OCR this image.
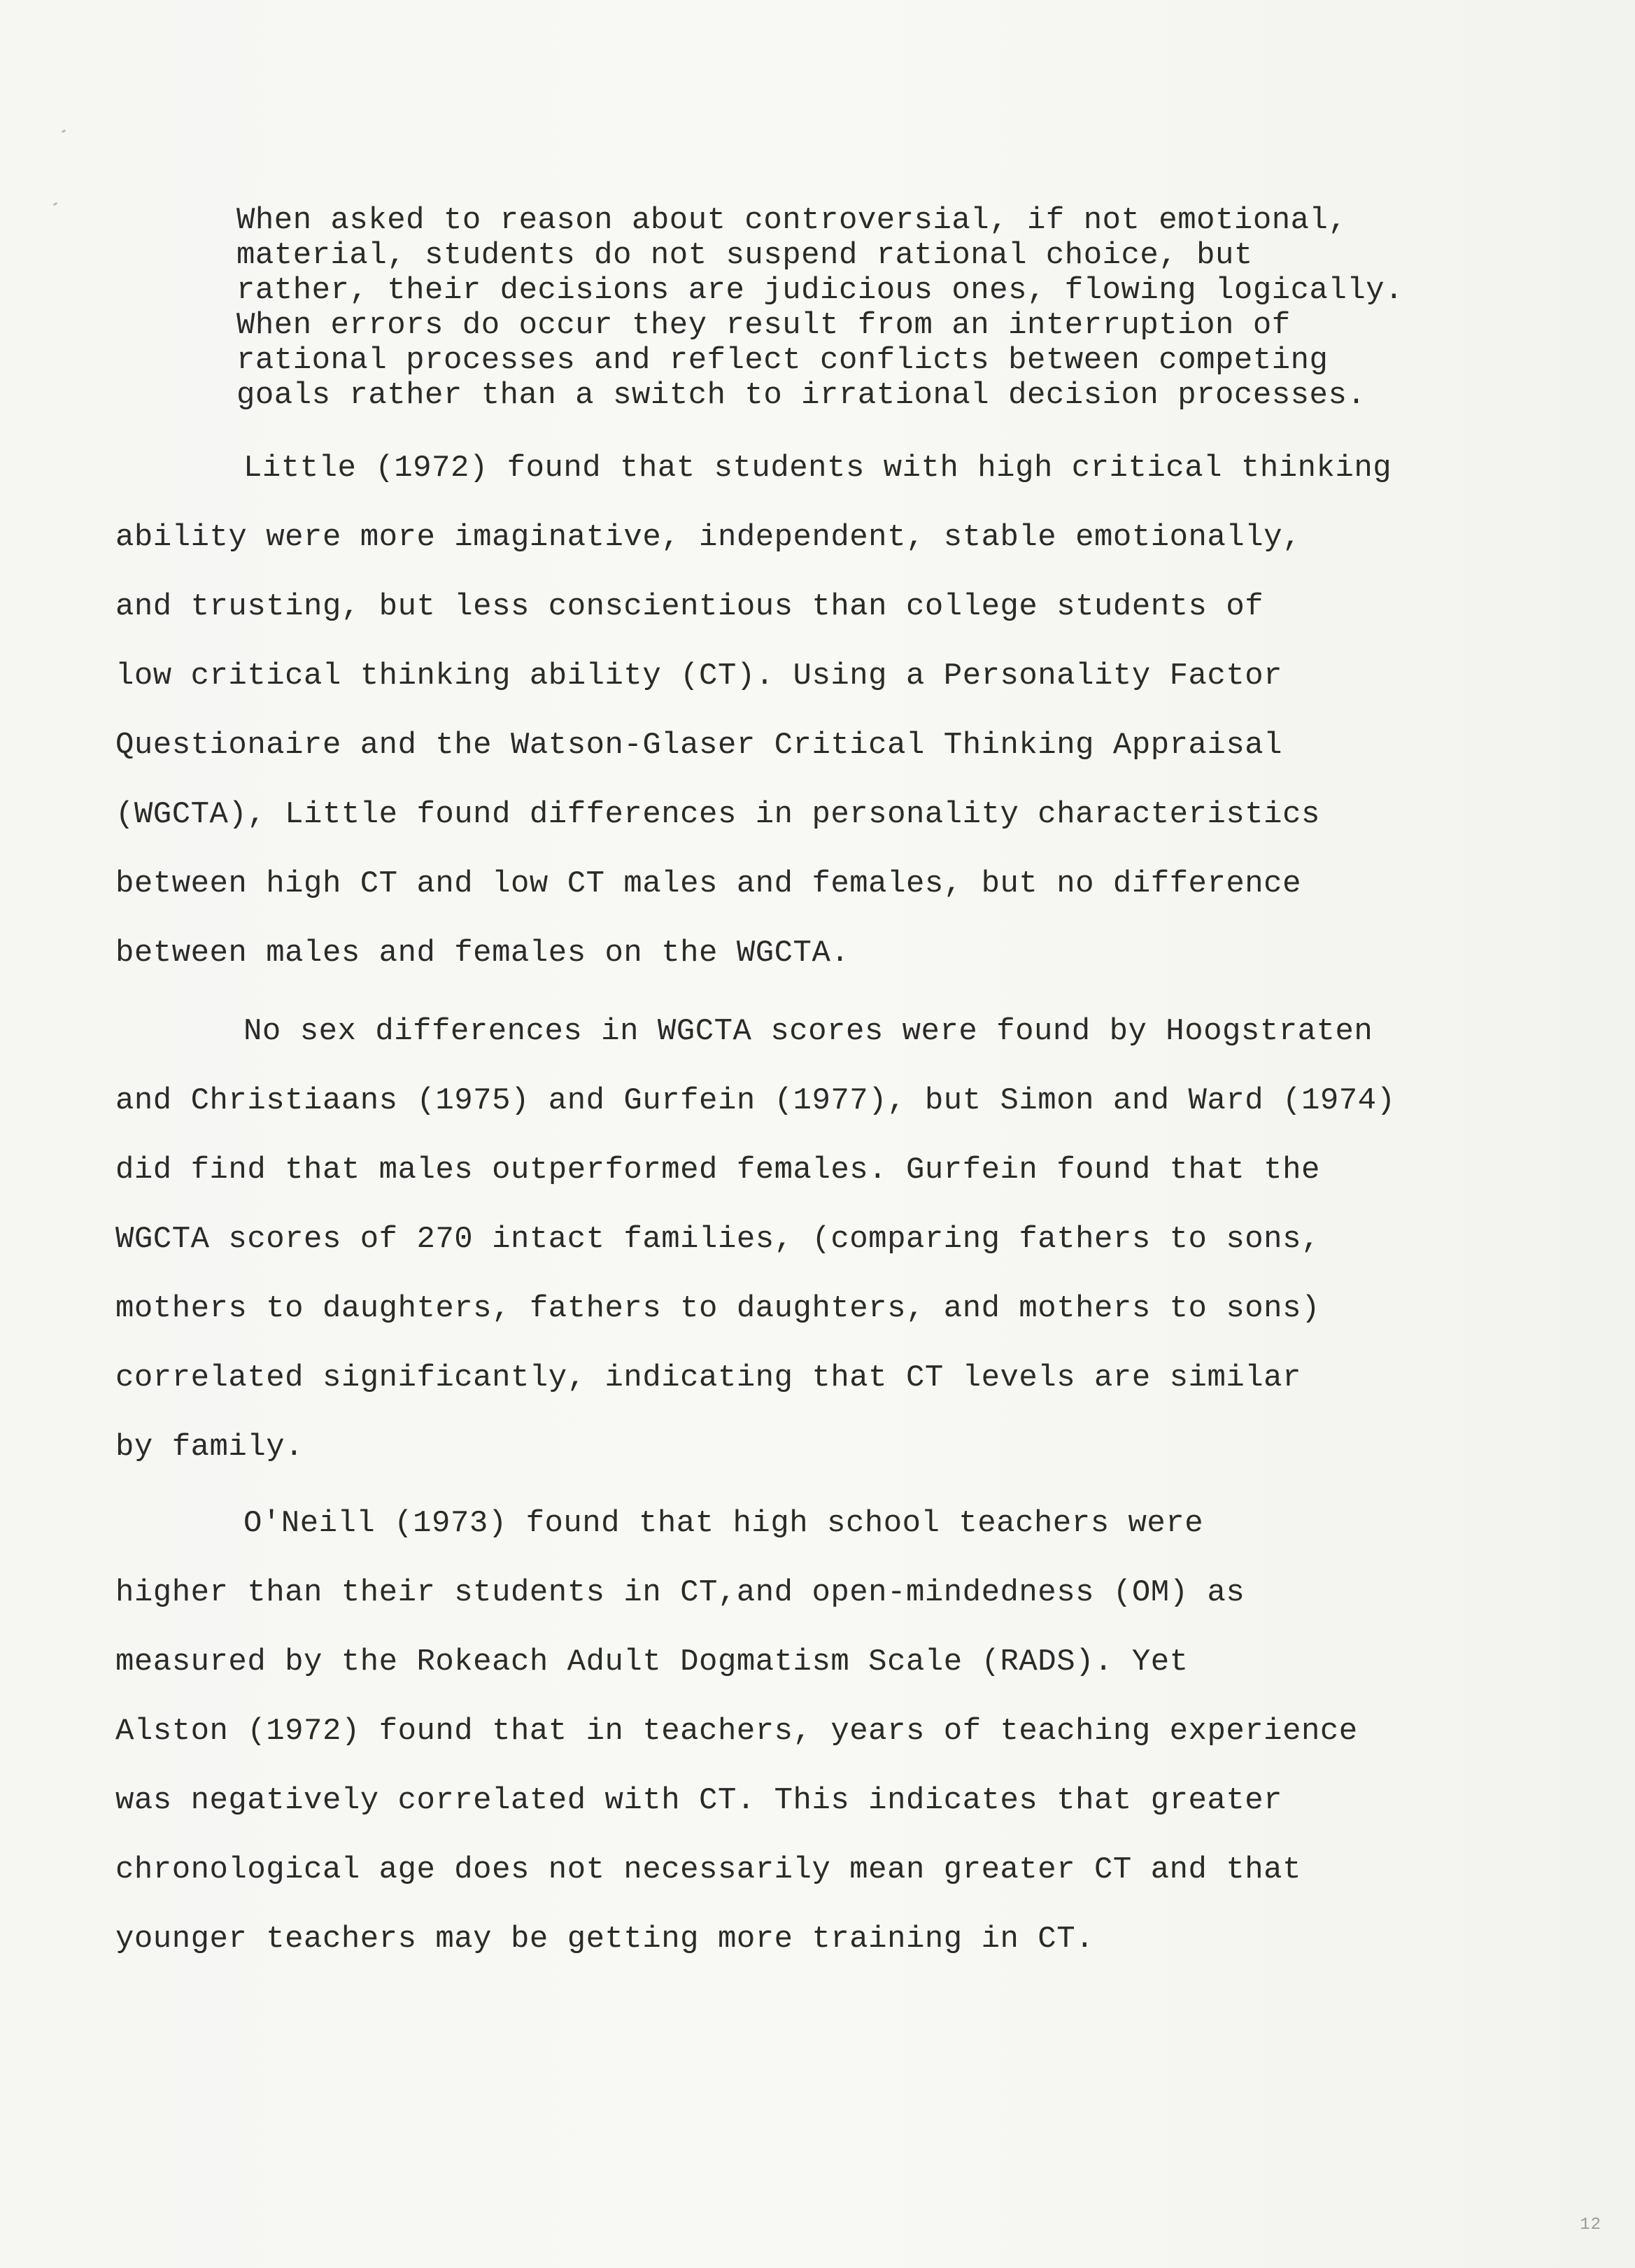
When asked to reason about controversial, if not emotional,
material, students do not suspend rational choice, but
rather, their decisions are judicious ones, flowing logically.
When errors do occur they result from an interruption of
rational processes and reflect conflicts between competing
goals rather than a switch to irrational decision processes.
Little (1972) found that students with high critical thinking
ability were more imaginative, independent, stable emotionally,
and trusting, but less conscientious than college students of
low critical thinking ability (CT). Using a Personality Factor
Questionaire and the Watson-Glaser Critical Thinking Appraisal
(WGCTA), Little found differences in personality characteristics
between high CT and low CT males and females, but no difference
between males and females on the WGCTA.
No sex differences in WGCTA scores were found by Hoogstraten
and Christiaans (1975) and Gurfein (1977), but Simon and Ward (1974)
did find that males outperformed females. Gurfein found that the
WGCTA scores of 270 intact families, (comparing fathers to sons,
mothers to daughters, fathers to daughters, and mothers to sons)
correlated significantly, indicating that CT levels are similar
by family.
O'Neill (1973) found that high school teachers were
higher than their students in CT,and open-mindedness (OM) as
measured by the Rokeach Adult Dogmatism Scale (RADS). Yet
Alston (1972) found that in teachers, years of teaching experience
was negatively correlated with CT. This indicates that greater
chronological age does not necessarily mean greater CT and that
younger teachers may be getting more training in CT.
12
